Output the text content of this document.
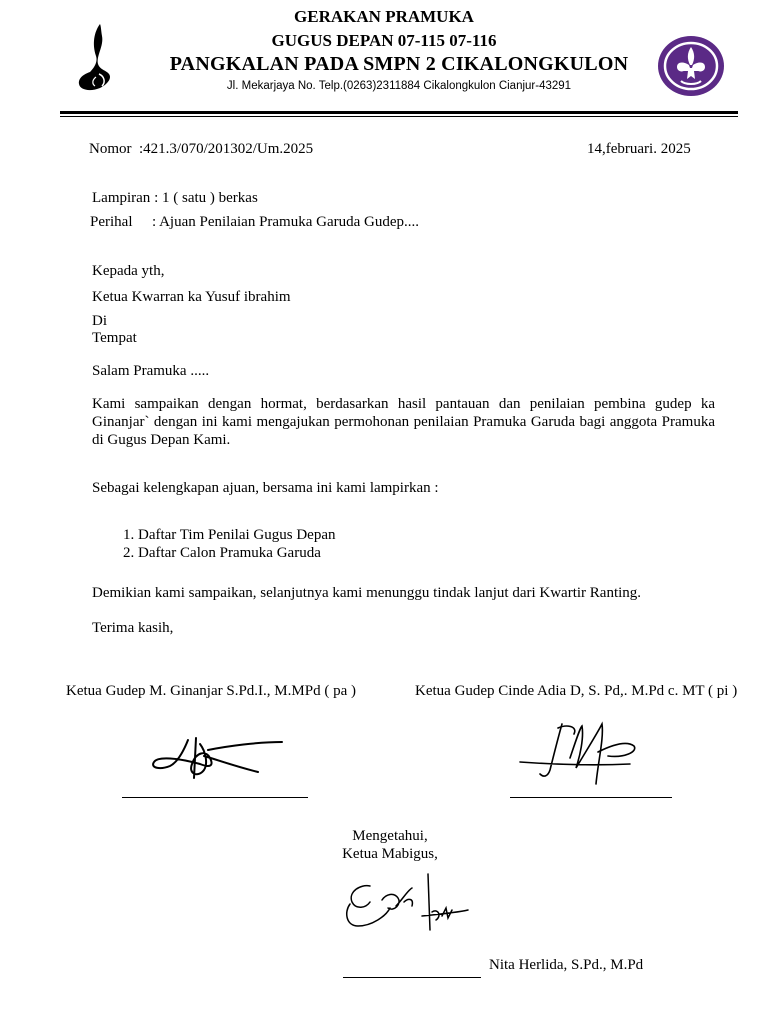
GERAKAN PRAMUKA
GUGUS DEPAN 07-115 07-116
PANGKALAN PADA SMPN 2 CIKALONGKULON
Jl. Mekarjaya No. Telp.(0263)2311884 Cikalongkulon Cianjur-43291
Nomor :421.3/070/201302/Um.2025	14,februari. 2025
Lampiran : 1 ( satu ) berkas
Perihal : Ajuan Penilaian Pramuka Garuda Gudep....
Kepada yth,
Ketua Kwarran ka Yusuf ibrahim
Di
Tempat
Salam Pramuka .....
Kami sampaikan dengan hormat, berdasarkan hasil pantauan dan penilaian pembina gudep ka Ginanjar` dengan ini kami mengajukan permohonan penilaian Pramuka Garuda bagi anggota Pramuka di Gugus Depan Kami.
Sebagai kelengkapan ajuan, bersama ini kami lampirkan :
1. Daftar Tim Penilai Gugus Depan
2. Daftar Calon Pramuka Garuda
Demikian kami sampaikan, selanjutnya kami menunggu tindak lanjut dari Kwartir Ranting.
Terima kasih,
Ketua Gudep M. Ginanjar S.Pd.I., M.MPd ( pa )	Ketua Gudep Cinde Adia D, S. Pd,. M.Pd c. MT ( pi )
Mengetahui,
Ketua Mabigus,
Nita Herlida, S.Pd., M.Pd
